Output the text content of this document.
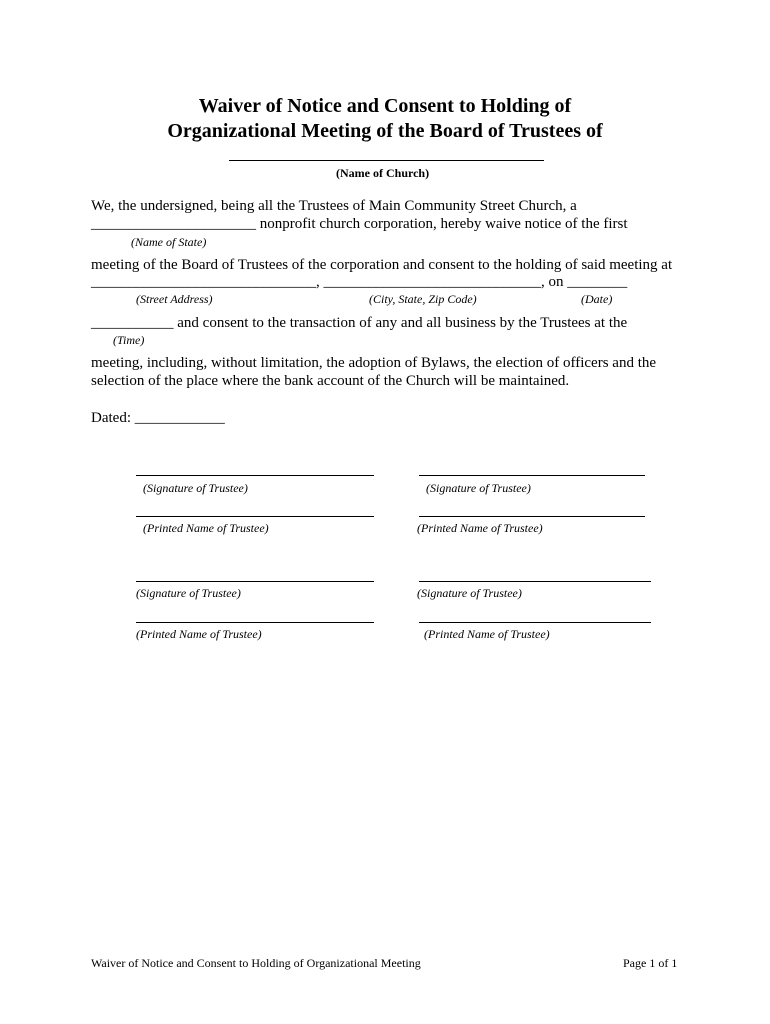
Waiver of Notice and Consent to Holding of
Organizational Meeting of the Board of Trustees of
(Name of Church)
We, the undersigned, being all the Trustees of Main Community Street Church, a
______________________ nonprofit church corporation, hereby waive notice of the first
(Name of State)
meeting of the Board of Trustees of the corporation and consent to the holding of said meeting at
______________________________, _____________________________, on ________
(Street Address)	(City, State, Zip Code)	(Date)
___________ and consent to the transaction of any and all business by the Trustees at the
(Time)
meeting, including, without limitation, the adoption of Bylaws, the election of officers and the
selection of the place where the bank account of the Church will be maintained.
Dated: ____________
(Signature of Trustee)
(Printed Name of Trustee)
(Signature of Trustee)
(Printed Name of Trustee)
(Signature of Trustee)
(Printed Name of Trustee)
(Signature of Trustee)
(Printed Name of Trustee)
Waiver of Notice and Consent to Holding of Organizational Meeting	Page 1 of 1
